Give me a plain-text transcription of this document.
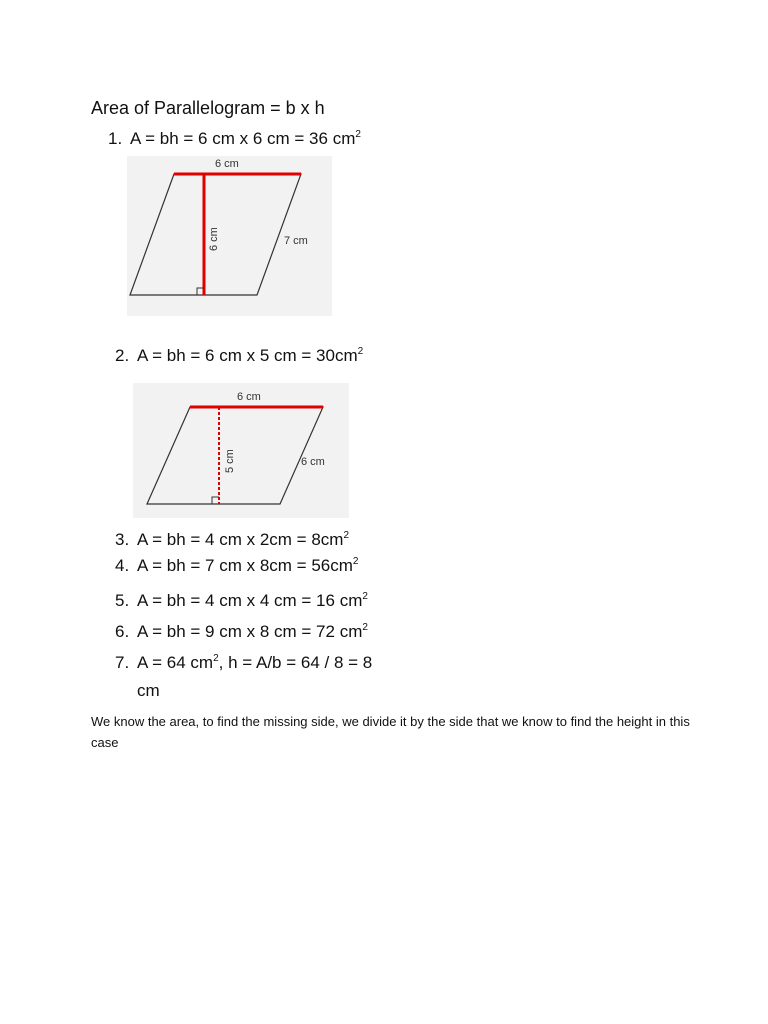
Area of Parallelogram = b x h
1. A = bh = 6 cm x 6 cm = 36 $cm^2$
6 cm
6 cm	7 cm
2. A = bh = 6 cm x 5 cm = $30cm^2$
6 cm
5 cm	6 cm
3. A = bh = 4 cm x $2cm = 8cm^2$
4. A = bh = 7 cm x $8cm = 56cm^2$
5. A = bh = 4 cm x 4 cm = 16 $cm^2$
6. A = bh = 9 cm x 8 cm = 72 $cm^2$
7. A = 64 $cm^2$, h = A/b = 64 / 8 = 8
cm
We know the area, to find the missing side, we divide it by the side that we know to find the height in this case
